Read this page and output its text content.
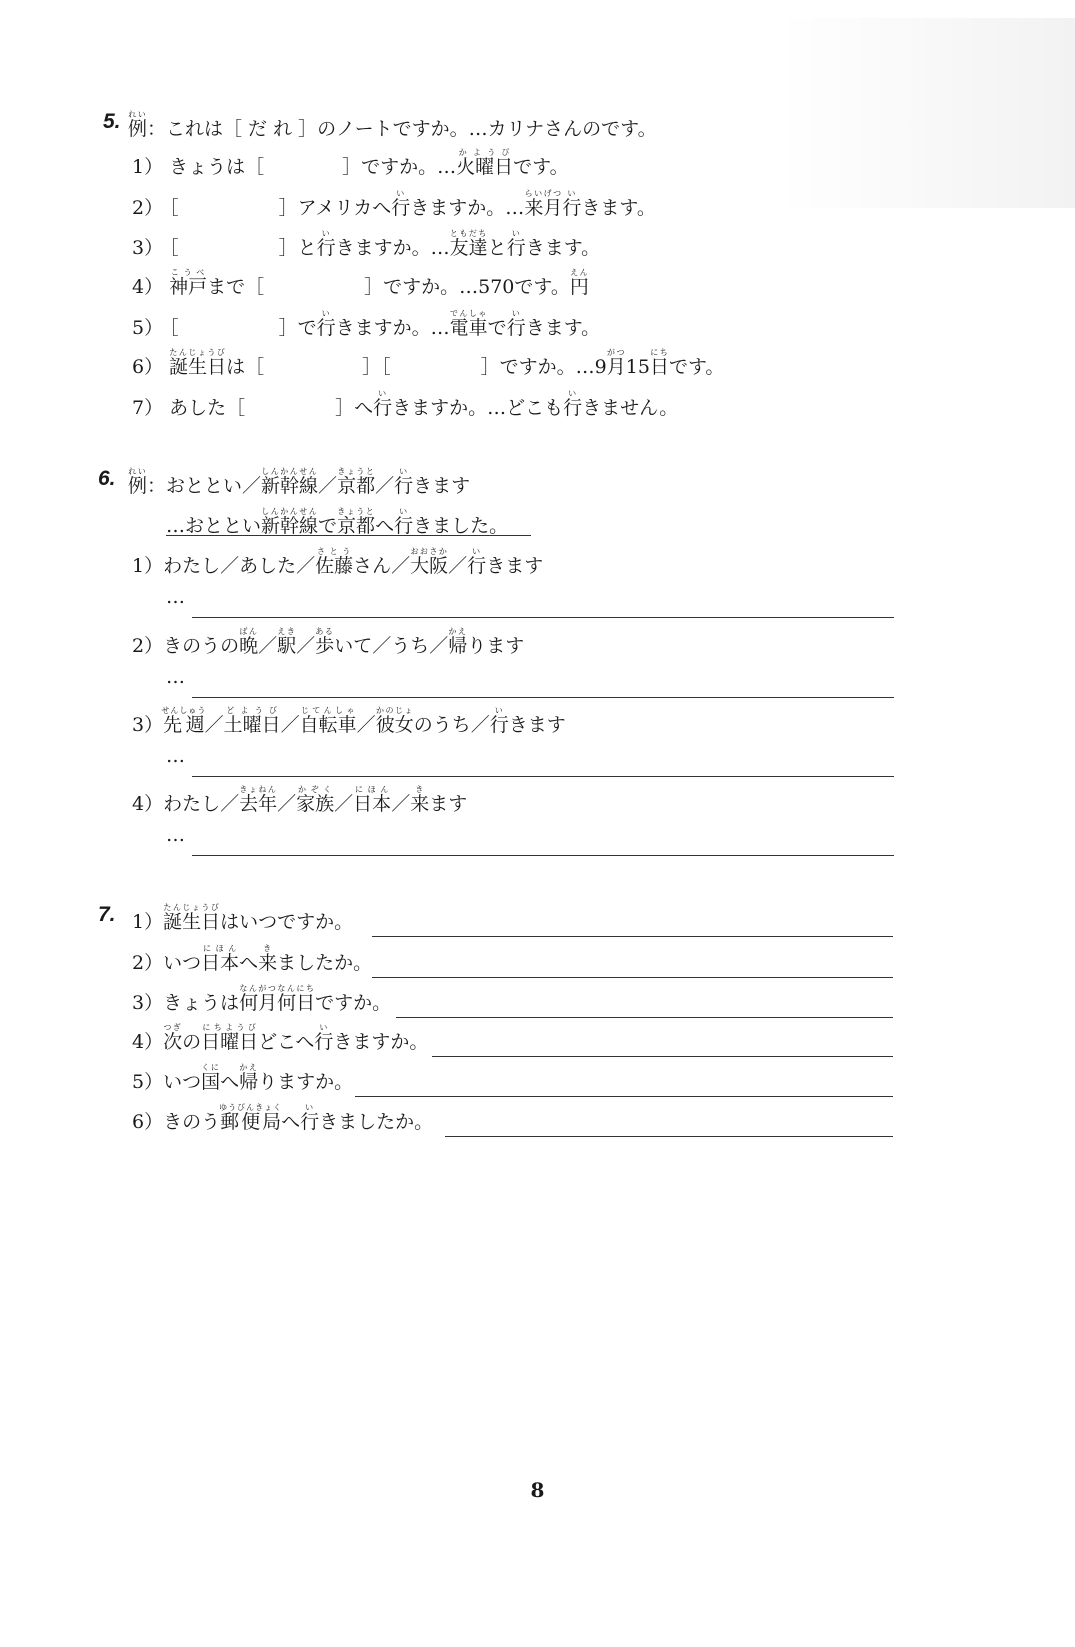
5. 例れい：これは［ だ れ ］のノートですか。…カリナさんのです。
1） きょうは［	］ですか。…火曜日かようびです。
2） ［	］アメリカへ行いきますか。…来月らいげつ行いきます。
3） ［	］と行いきますか。…友達ともだちと行いきます。
4） 神戸こうべまで［	］ですか。…570です。円えん
5） ［	］で行いきますか。…電車でんしゃで行いきます。
6） 誕生日たんじょうびは［	］［	］ですか。…9月がつ15日にちです。
7） あした［	］へ行いきますか。…どこも行いきません。
6. 例れい：おととい／新幹線しんかんせん／京都きょうと／行いきます
…おととい新幹線しんかんせんで京都きょうとへ行いきました。
1）わたし／あした／佐藤さとうさん／大阪おおさか／行いきます
…
2）きのうの晩ばん／駅えき／歩あるいて／うち／帰かえります
…
3）先週せんしゅう／土曜日どようび／自転車じてんしゃ／彼女かのじょのうち／行いきます
…
4）わたし／去年きょねん／家族かぞく／日本にほん／来きます
…
7. 1）誕生日たんじょうびはいつですか。
2）いつ日本にほんへ来きましたか。
3）きょうは何月何日なんがつなんにちですか。
4）次つぎの日曜日にちようびどこへ行いきますか。
5）いつ国くにへ帰かえりますか。
6）きのう郵便局ゆうびんきょくへ行いきましたか。
8
